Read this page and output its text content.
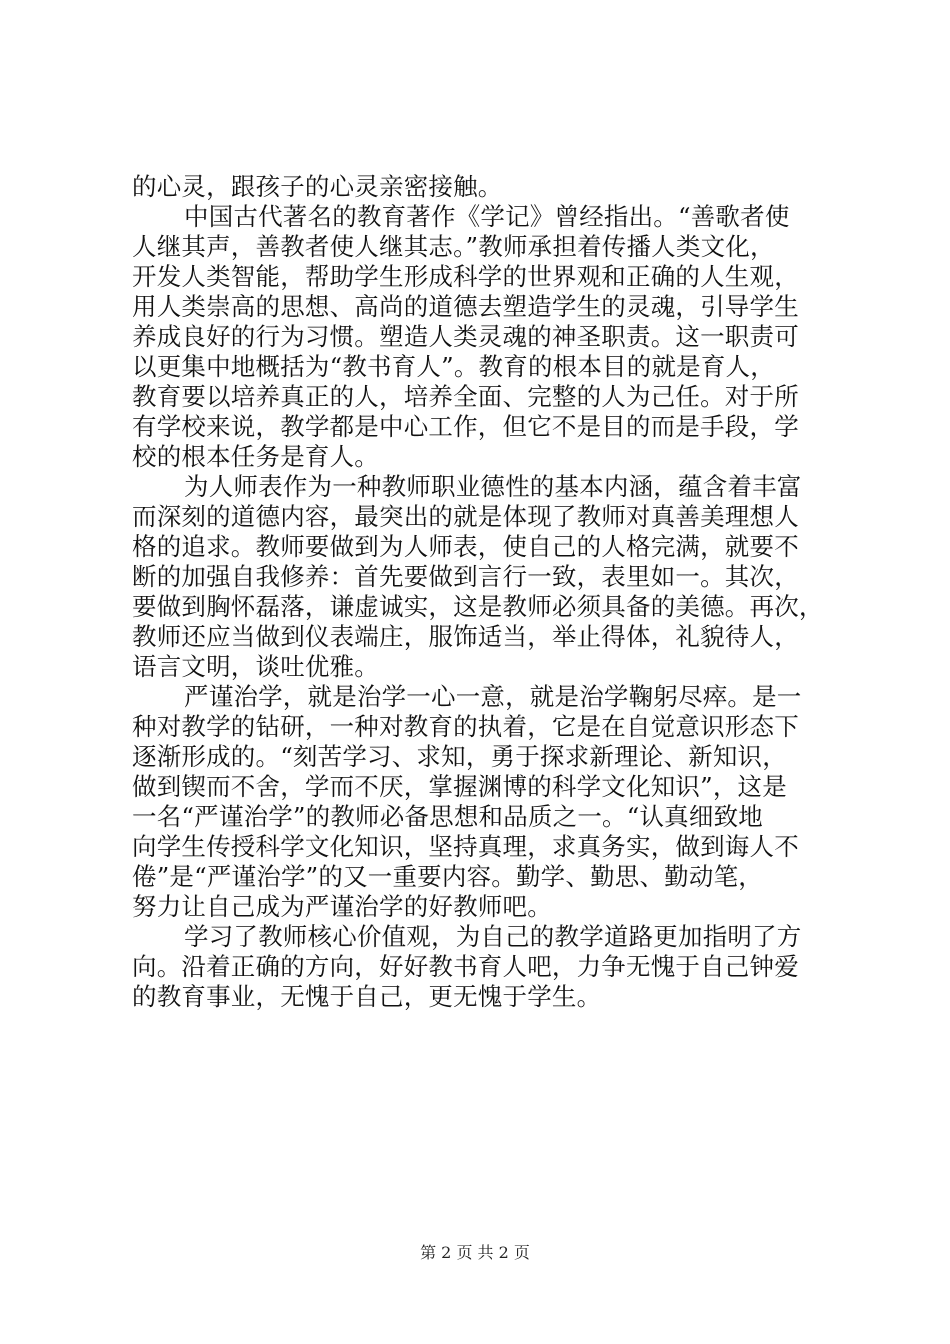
的心灵，跟孩子的心灵亲密接触。
中国古代著名的教育著作《学记》曾经指出。“善歌者使
人继其声，善教者使人继其志。”教师承担着传播人类文化，
开发人类智能，帮助学生形成科学的世界观和正确的人生观，
用人类崇高的思想、高尚的道德去塑造学生的灵魂，引导学生
养成良好的行为习惯。塑造人类灵魂的神圣职责。这一职责可
以更集中地概括为“教书育人”。教育的根本目的就是育人，
教育要以培养真正的人，培养全面、完整的人为己任。对于所
有学校来说，教学都是中心工作，但它不是目的而是手段，学
校的根本任务是育人。
为人师表作为一种教师职业德性的基本内涵，蕴含着丰富
而深刻的道德内容，最突出的就是体现了教师对真善美理想人
格的追求。教师要做到为人师表，使自己的人格完满，就要不
断的加强自我修养：首先要做到言行一致，表里如一。其次，
要做到胸怀磊落，谦虚诚实，这是教师必须具备的美德。再次，
教师还应当做到仪表端庄，服饰适当，举止得体，礼貌待人，
语言文明，谈吐优雅。
严谨治学，就是治学一心一意，就是治学鞠躬尽瘁。是一
种对教学的钻研，一种对教育的执着，它是在自觉意识形态下
逐渐形成的。“刻苦学习、求知，勇于探求新理论、新知识，
做到锲而不舍，学而不厌，掌握渊博的科学文化知识”，这是
一名“严谨治学”的教师必备思想和品质之一。“认真细致地
向学生传授科学文化知识，坚持真理，求真务实，做到诲人不
倦”是“严谨治学”的又一重要内容。勤学、勤思、勤动笔，
努力让自己成为严谨治学的好教师吧。
学习了教师核心价值观，为自己的教学道路更加指明了方
向。沿着正确的方向，好好教书育人吧，力争无愧于自己钟爱
的教育事业，无愧于自己，更无愧于学生。
第 2 页 共 2 页
